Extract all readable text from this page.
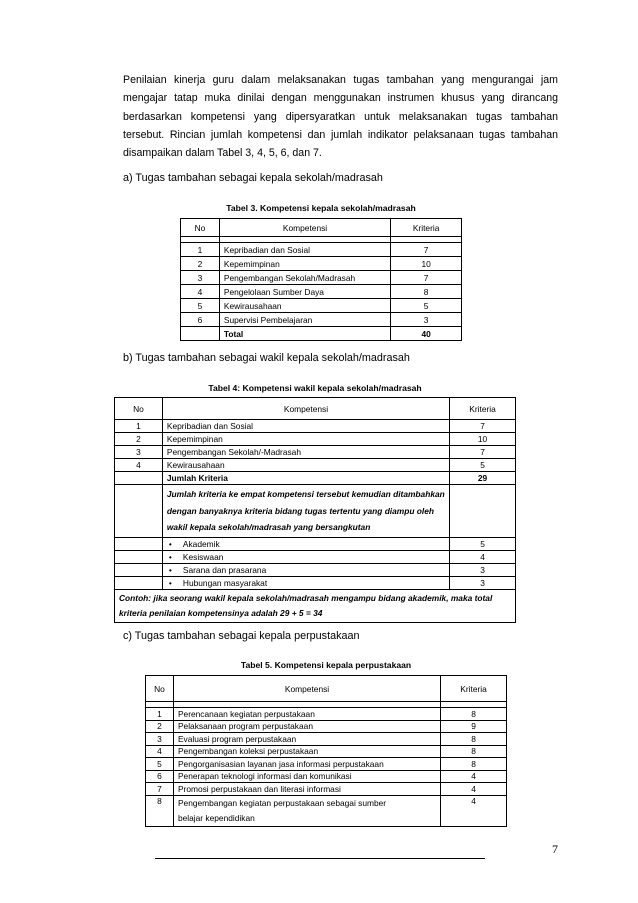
Penilaian kinerja guru dalam melaksanakan tugas tambahan yang mengurangai jam mengajar tatap muka dinilai dengan menggunakan instrumen khusus yang dirancang berdasarkan kompetensi yang dipersyaratkan untuk melaksanakan tugas tambahan tersebut. Rincian jumlah kompetensi dan jumlah indikator pelaksanaan tugas tambahan disampaikan dalam Tabel 3, 4, 5, 6, dan 7.

a) Tugas tambahan sebagai kepala sekolah/madrasah

Tabel 3. Kompetensi kepala sekolah/madrasah

No	Kompetensi	Kriteria

1	Kepribadian dan Sosial	7
2	Kepemimpinan	10
3	Pengembangan Sekolah/Madrasah	7
4	Pengelolaan Sumber Daya	8
5	Kewirausahaan	5
6	Supervisi Pembelajaran	3
	Total	40

b) Tugas tambahan sebagai wakil kepala sekolah/madrasah

Tabel 4: Kompetensi wakil kepala sekolah/madrasah

No	Kompetensi	Kriteria
1	Kepribadian dan Sosial	7
2	Kepemimpinan	10
3	Pengembangan Sekolah/-Madrasah	7
4	Kewirausahaan	5
	Jumlah Kriteria	29
	Jumlah kriteria ke empat kompetensi tersebut kemudian ditambahkan dengan banyaknya kriteria bidang tugas tertentu yang diampu oleh wakil kepala sekolah/madrasah yang bersangkutan	
	• Akademik	5
	• Kesiswaan	4
	• Sarana dan prasarana	3
	• Hubungan masyarakat	3
Contoh: jika seorang wakil kepala sekolah/madrasah mengampu bidang akademik, maka total kriteria penilaian kompetensinya adalah 29 + 5 = 34		

c) Tugas tambahan sebagai kepala perpustakaan

Tabel 5. Kompetensi kepala perpustakaan

No	Kompetensi	Kriteria

1	Perencanaan kegiatan perpustakaan	8
2	Pelaksanaan program perpustakaan	9
3	Evaluasi program perpustakaan	8
4	Pengembangan koleksi perpustakaan	8
5	Pengorganisasian layanan jasa informasi perpustakaan	8
6	Penerapan teknologi informasi dan komunikasi	4
7	Promosi perpustakaan dan literasi informasi	4
8	Pengembangan kegiatan perpustakaan sebagai sumber belajar kependidikan	4
7
